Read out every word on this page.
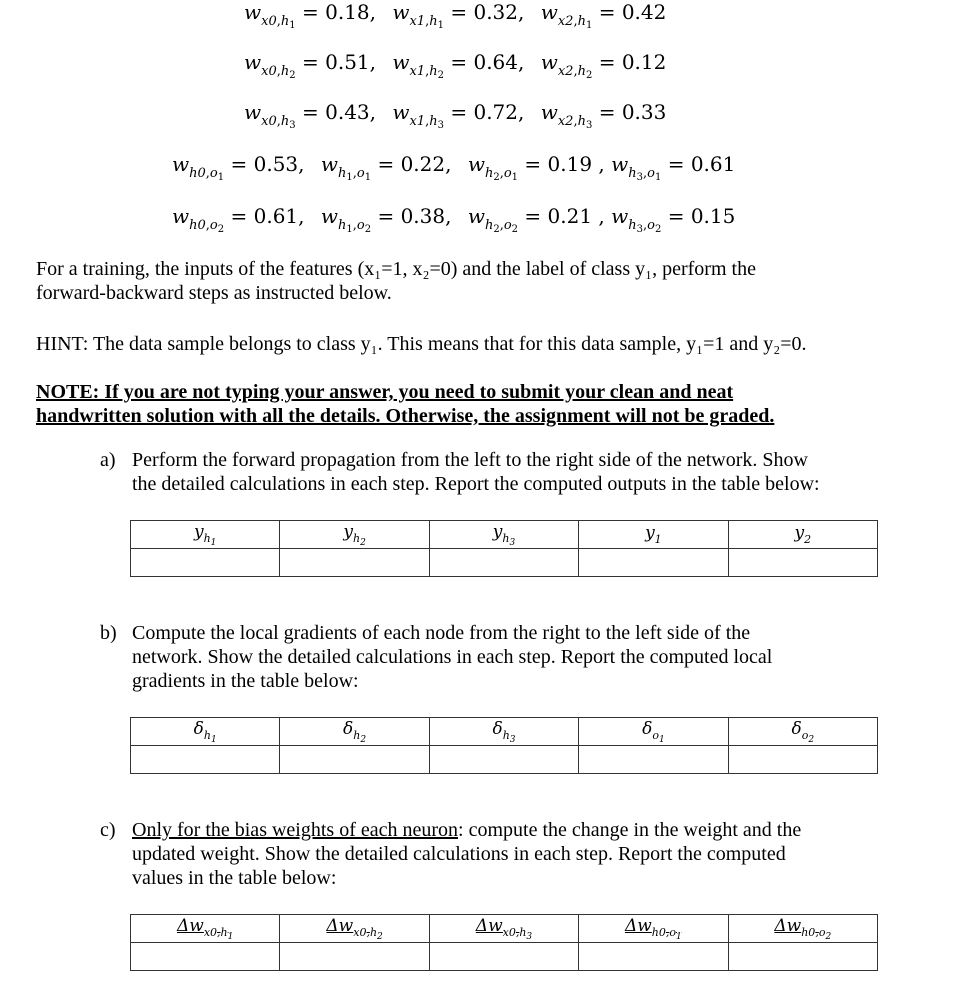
$w_{x0,h_1} = 0.18$, $w_{x1,h_1} = 0.32$, $w_{x2,h_1} = 0.42$
$w_{x0,h_2} = 0.51$, $w_{x1,h_2} = 0.64$, $w_{x2,h_2} = 0.12$
$w_{x0,h_3} = 0.43$, $w_{x1,h_3} = 0.72$, $w_{x2,h_3} = 0.33$
$w_{h0,o_1} = 0.53$, $w_{h_1,o_1} = 0.22$, $w_{h_2,o_1} = 0.19$ , $w_{h_3,o_1} = 0.61$
$w_{h0,o_2} = 0.61$, $w_{h_1,o_2} = 0.38$, $w_{h_2,o_2} = 0.21$ , $w_{h_3,o_2} = 0.15$
For a training, the inputs of the features (x₁=1, x₂=0) and the label of class y₁, perform the
forward-backward steps as instructed below.
HINT: The data sample belongs to class y₁. This means that for this data sample, y₁=1 and y₂=0.
NOTE: If you are not typing your answer, you need to submit your clean and neat
handwritten solution with all the details. Otherwise, the assignment will not be graded.
a) Perform the forward propagation from the left to the right side of the network. Show
the detailed calculations in each step. Report the computed outputs in the table below:
$y_{h_1}$	$y_{h_2}$	$y_{h_3}$	$y_1$	$y_2$

b) Compute the local gradients of each node from the right to the left side of the
network. Show the detailed calculations in each step. Report the computed local
gradients in the table below:
$\delta_{h_1}$	$\delta_{h_2}$	$\delta_{h_3}$	$\delta_{o_1}$	$\delta_{o_2}$

c) Only for the bias weights of each neuron: compute the change in the weight and the
updated weight. Show the detailed calculations in each step. Report the computed
values in the table below:
$\Delta w_{x0,h_1}$	$\Delta w_{x0,h_2}$	$\Delta w_{x0,h_3}$	$\Delta w_{h0,o_1}$	$\Delta w_{h0,o_2}$
